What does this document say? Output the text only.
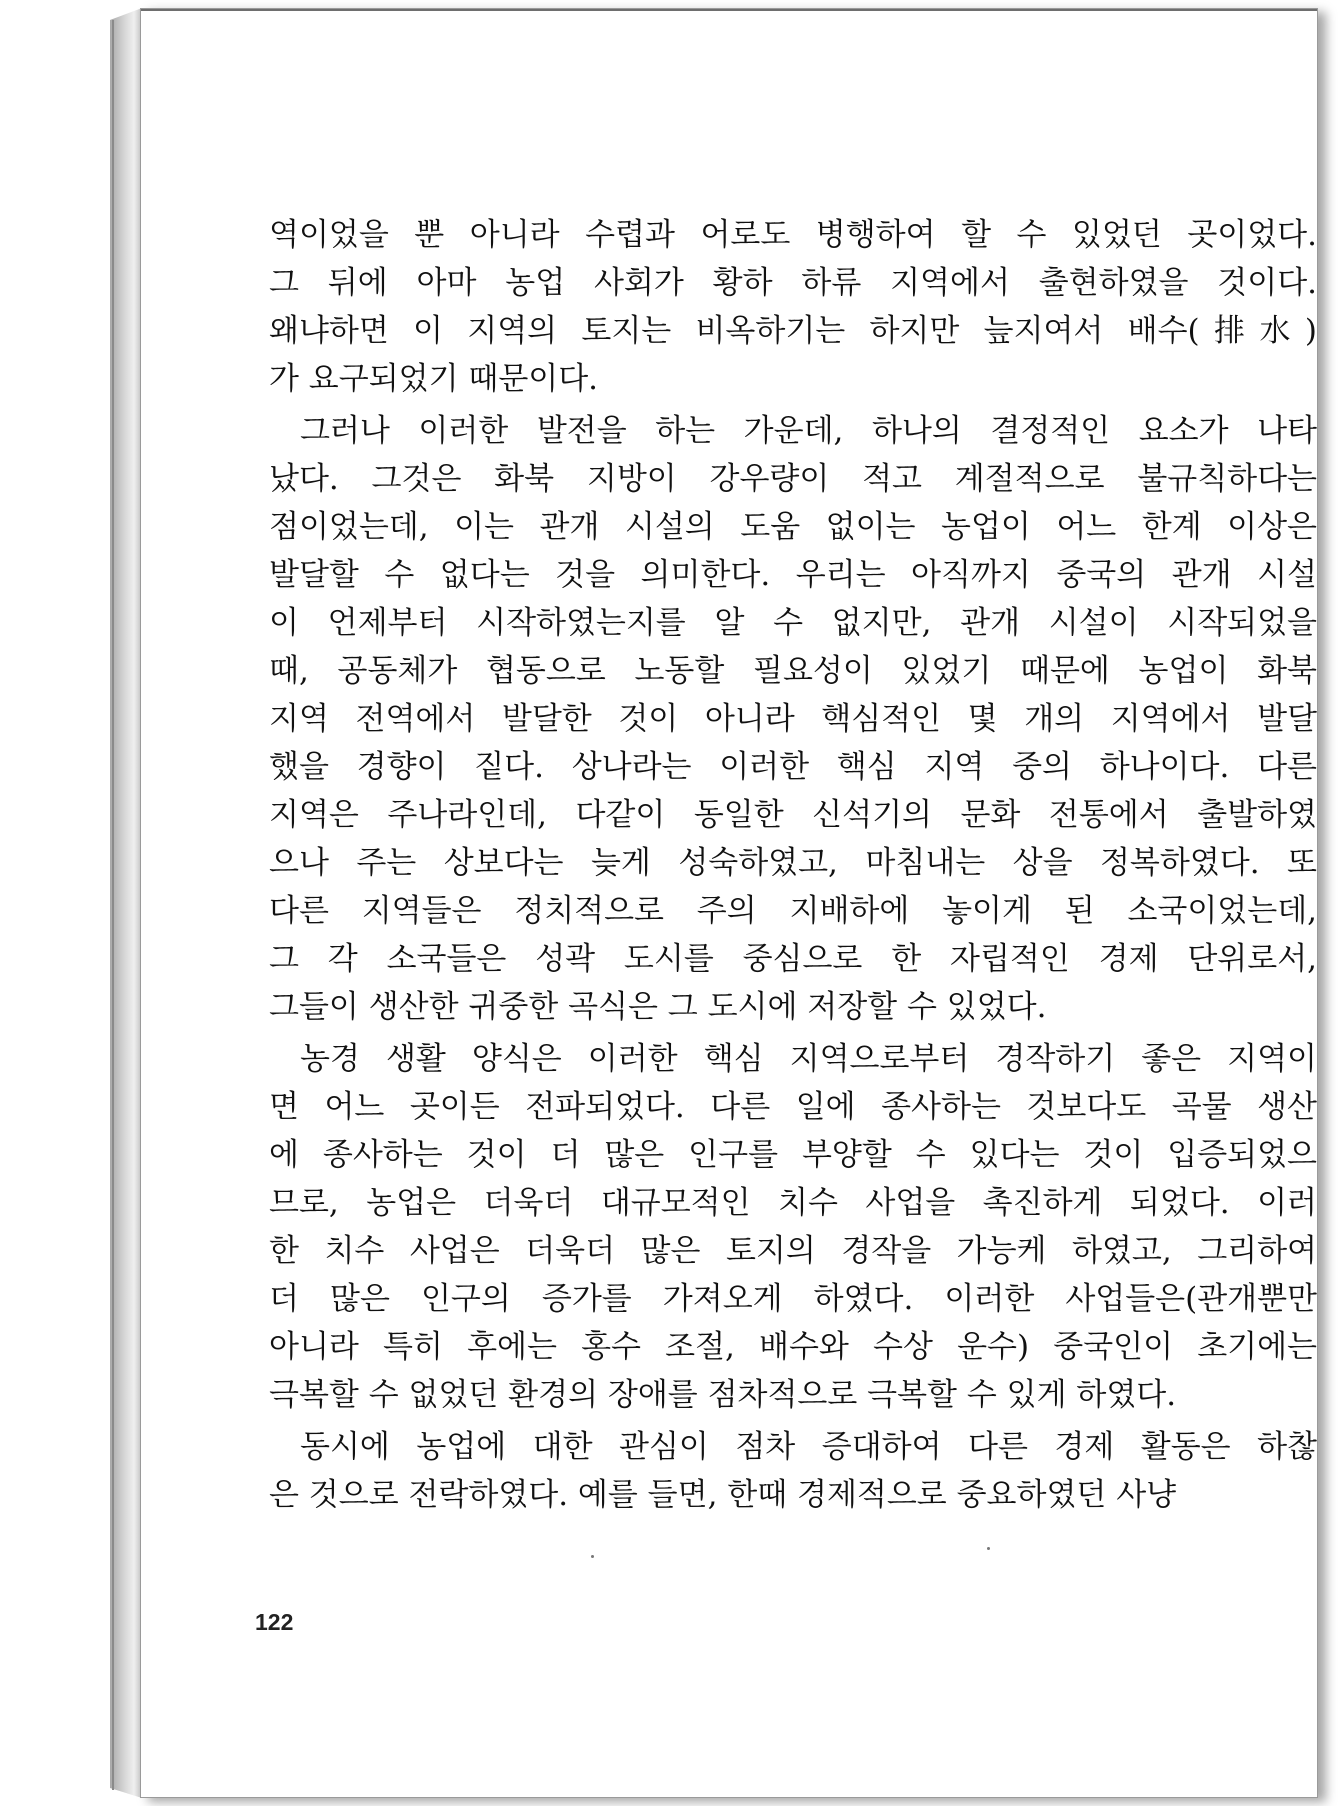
역이었을 뿐 아니라 수렵과 어로도 병행하여 할 수 있었던 곳이었다.
그 뒤에 아마 농업 사회가 황하 하류 지역에서 출현하였을 것이다.
왜냐하면 이 지역의 토지는 비옥하기는 하지만 늪지여서 배수(排水)
가 요구되었기 때문이다.
그러나 이러한 발전을 하는 가운데, 하나의 결정적인 요소가 나타
났다. 그것은 화북 지방이 강우량이 적고 계절적으로 불규칙하다는
점이었는데, 이는 관개 시설의 도움 없이는 농업이 어느 한계 이상은
발달할 수 없다는 것을 의미한다. 우리는 아직까지 중국의 관개 시설
이 언제부터 시작하였는지를 알 수 없지만, 관개 시설이 시작되었을
때, 공동체가 협동으로 노동할 필요성이 있었기 때문에 농업이 화북
지역 전역에서 발달한 것이 아니라 핵심적인 몇 개의 지역에서 발달
했을 경향이 짙다. 상나라는 이러한 핵심 지역 중의 하나이다. 다른
지역은 주나라인데, 다같이 동일한 신석기의 문화 전통에서 출발하였
으나 주는 상보다는 늦게 성숙하였고, 마침내는 상을 정복하였다. 또
다른 지역들은 정치적으로 주의 지배하에 놓이게 된 소국이었는데,
그 각 소국들은 성곽 도시를 중심으로 한 자립적인 경제 단위로서,
그들이 생산한 귀중한 곡식은 그 도시에 저장할 수 있었다.
농경 생활 양식은 이러한 핵심 지역으로부터 경작하기 좋은 지역이
면 어느 곳이든 전파되었다. 다른 일에 종사하는 것보다도 곡물 생산
에 종사하는 것이 더 많은 인구를 부양할 수 있다는 것이 입증되었으
므로, 농업은 더욱더 대규모적인 치수 사업을 촉진하게 되었다. 이러
한 치수 사업은 더욱더 많은 토지의 경작을 가능케 하였고, 그리하여
더 많은 인구의 증가를 가져오게 하였다. 이러한 사업들은(관개뿐만
아니라 특히 후에는 홍수 조절, 배수와 수상 운수) 중국인이 초기에는
극복할 수 없었던 환경의 장애를 점차적으로 극복할 수 있게 하였다.
동시에 농업에 대한 관심이 점차 증대하여 다른 경제 활동은 하찮
은 것으로 전락하였다. 예를 들면, 한때 경제적으로 중요하였던 사냥
122
